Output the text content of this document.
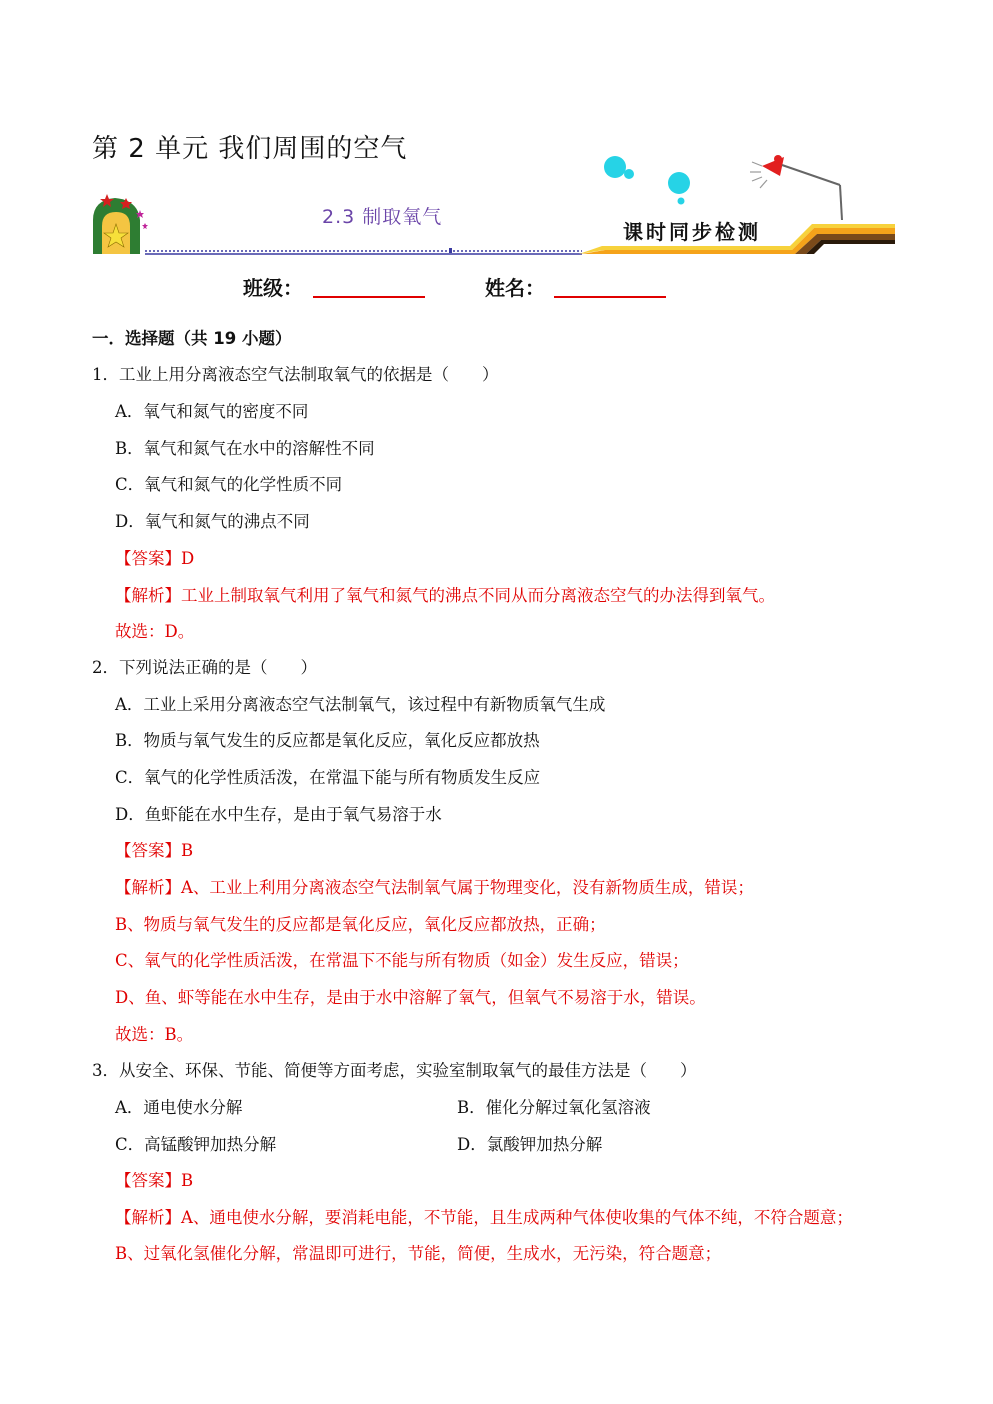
第 2 单元 我们周围的空气
2.3 制取氧气
课时同步检测
班级：	姓名：
一．选择题（共 19 小题）
1．工业上用分离液态空气法制取氧气的依据是（　　）
A．氧气和氮气的密度不同
B．氧气和氮气在水中的溶解性不同
C．氧气和氮气的化学性质不同
D．氧气和氮气的沸点不同
【答案】D
【解析】工业上制取氧气利用了氧气和氮气的沸点不同从而分离液态空气的办法得到氧气。
故选：D。
2．下列说法正确的是（　　）
A．工业上采用分离液态空气法制氧气，该过程中有新物质氧气生成
B．物质与氧气发生的反应都是氧化反应，氧化反应都放热
C．氧气的化学性质活泼，在常温下能与所有物质发生反应
D．鱼虾能在水中生存，是由于氧气易溶于水
【答案】B
【解析】A、工业上利用分离液态空气法制氧气属于物理变化，没有新物质生成，错误；
B、物质与氧气发生的反应都是氧化反应，氧化反应都放热，正确；
C、氧气的化学性质活泼，在常温下不能与所有物质（如金）发生反应，错误；
D、鱼、虾等能在水中生存，是由于水中溶解了氧气，但氧气不易溶于水，错误。
故选：B。
3．从安全、环保、节能、简便等方面考虑，实验室制取氧气的最佳方法是（　　）
A．通电使水分解	B．催化分解过氧化氢溶液
C．高锰酸钾加热分解	D．氯酸钾加热分解
【答案】B
【解析】A、通电使水分解，要消耗电能，不节能，且生成两种气体使收集的气体不纯，不符合题意；
B、过氧化氢催化分解，常温即可进行，节能，简便，生成水，无污染，符合题意；
